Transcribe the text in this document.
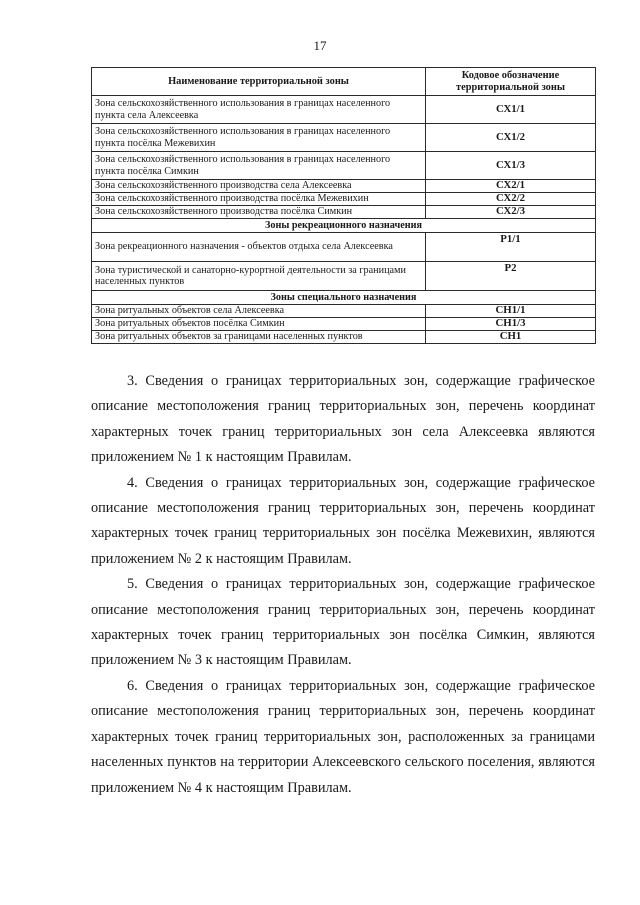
17
Наименование территориальной зоны	Кодовое обозначение территориальной зоны
Зона сельскохозяйственного использования в границах населенного пункта села Алексеевка	СХ1/1
Зона сельскохозяйственного использования в границах населенного пункта посёлка Межевихин	СХ1/2
Зона сельскохозяйственного использования в границах населенного пункта посёлка Симкин	СХ1/3
Зона сельскохозяйственного производства села Алексеевка	СХ2/1
Зона сельскохозяйственного производства посёлка Межевихин	СХ2/2
Зона сельскохозяйственного производства посёлка Симкин	СХ2/3
Зоны рекреационного назначения	
Зона рекреационного назначения - объектов отдыха села Алексеевка	Р1/1
Зона туристической и санаторно-курортной деятельности за границами населенных пунктов	Р2
Зоны специального назначения	
Зона ритуальных объектов села Алексеевка	СН1/1
Зона ритуальных объектов посёлка Симкин	СН1/3
Зона ритуальных объектов за границами населенных пунктов	СН1

3. Сведения о границах территориальных зон, содержащие графическое описание местоположения границ территориальных зон, перечень координат характерных точек границ территориальных зон села Алексеевка являются приложением № 1 к настоящим Правилам.

4. Сведения о границах территориальных зон, содержащие графическое описание местоположения границ территориальных зон, перечень координат характерных точек границ территориальных зон посёлка Межевихин, являются приложением № 2 к настоящим Правилам.

5. Сведения о границах территориальных зон, содержащие графическое описание местоположения границ территориальных зон, перечень координат характерных точек границ территориальных зон посёлка Симкин, являются приложением № 3 к настоящим Правилам.

6. Сведения о границах территориальных зон, содержащие графическое описание местоположения границ территориальных зон, перечень координат характерных точек границ территориальных зон, расположенных за границами населенных пунктов на территории Алексеевского сельского поселения, являются приложением № 4 к настоящим Правилам.
